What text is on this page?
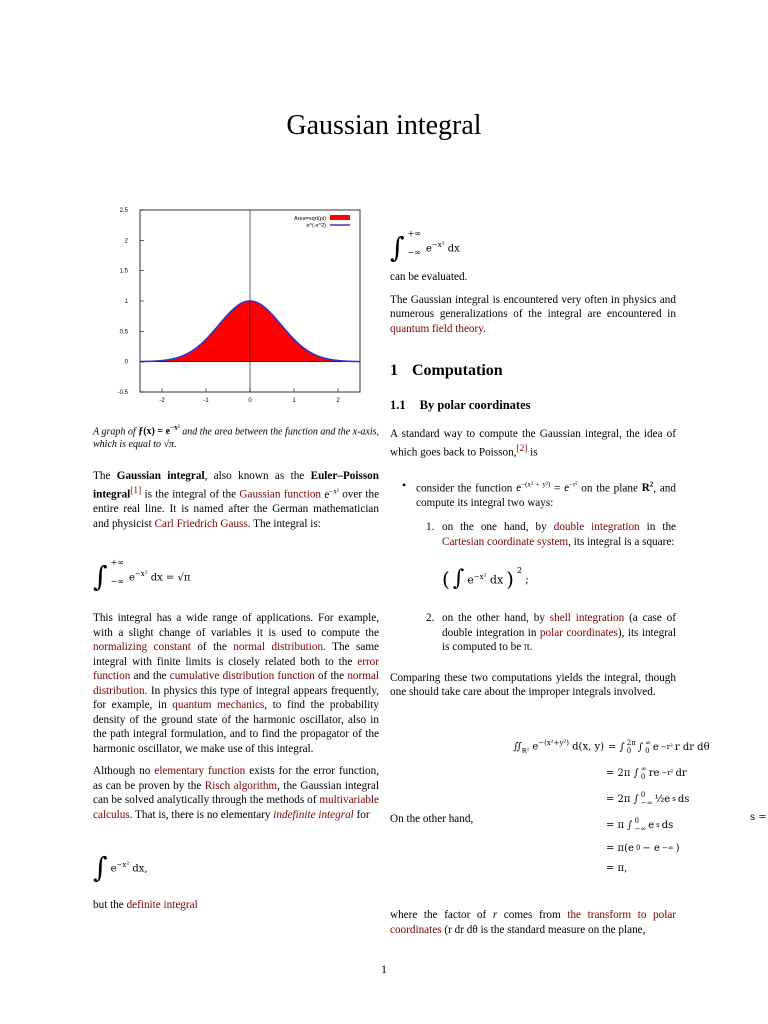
Gaussian integral
-2	-1	0	1	2
2.5
2
1.5
1
0.5
0
-0.5
Area=sqrt(pi)
e^(-x^2)

A graph of ƒ(x) = $e^{-x^2}$ and the area between the function and the x-axis, which is equal to √π.

The Gaussian integral, also known as the Euler–Poisson integral[1] is the integral of the Gaussian function $e^{-x^2}$ over the entire real line. It is named after the German mathematician and physicist Carl Friedrich Gauss. The integral is:

∫ +∞
−∞ $e^{-x^2}$ dx = √π

This integral has a wide range of applications. For example, with a slight change of variables it is used to compute the normalizing constant of the normal distribution. The same integral with finite limits is closely related both to the error function and the cumulative distribution function of the normal distribution. In physics this type of integral appears frequently, for example, in quantum mechanics, to find the probability density of the ground state of the harmonic oscillator, also in the path integral formulation, and to find the propagator of the harmonic oscillator, we make use of this integral.

Although no elementary function exists for the error function, as can be proven by the Risch algorithm, the Gaussian integral can be solved analytically through the methods of multivariable calculus. That is, there is no elementary indefinite integral for

∫ $e^{-x^2}$ dx,

but the definite integral

∫ +∞
−∞ $e^{-x^2}$ dx

can be evaluated.

The Gaussian integral is encountered very often in physics and numerous generalizations of the integral are encountered in quantum field theory.

1 Computation
1.1 By polar coordinates

A standard way to compute the Gaussian integral, the idea of which goes back to Poisson,[2] is

• consider the function $e^{-(x^2 + y^2)} = e^{-r^2}$ on the plane $R^2$, and compute its integral two ways:

1. on the one hand, by double integration in the Cartesian coordinate system, its integral is a square:

( ∫ $e^{-x^2}$ dx ) $^2$
;

2. on the other hand, by shell integration (a case of double integration in polar coordinates), its integral is computed to be π.

Comparing these two computations yields the integral, though one should take care about the improper integrals involved.

On the other hand,

$∬_{ℝ^2}$ $e^{-(x^2+y^2)}$ d(x, y) = ∫ 2π
0 ∫ ∞
0 e −r² r dr dθ
= 2π ∫ ∞
0 re −r² dr
= 2π ∫ 0
−∞ ½e s ds
= π ∫ 0
−∞ e s ds
= π(e 0 − e −∞ )
= π,
s =

where the factor of r comes from the transform to polar coordinates (r dr dθ is the standard measure on the plane,

1
